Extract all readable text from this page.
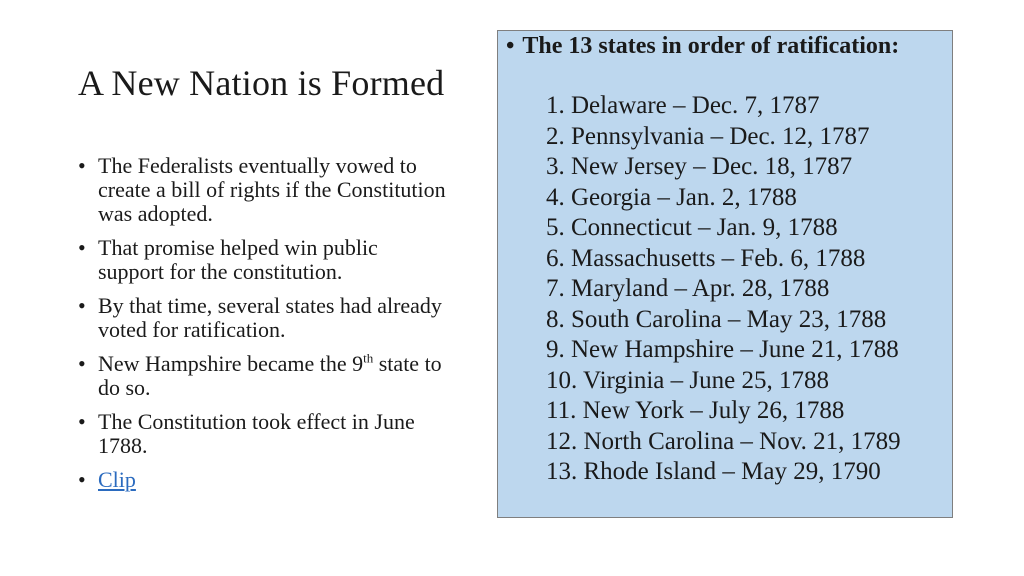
A New Nation is Formed
• The Federalists eventually vowed to create a bill of rights if the Constitution was adopted.
• That promise helped win public support for the constitution.
• By that time, several states had already voted for ratification.
• New Hampshire became the 9th state to do so.
• The Constitution took effect in June 1788.
• Clip
• The 13 states in order of ratification:
1. Delaware – Dec. 7, 1787
2. Pennsylvania – Dec. 12, 1787
3. New Jersey – Dec. 18, 1787
4. Georgia – Jan. 2, 1788
5. Connecticut – Jan. 9, 1788
6. Massachusetts – Feb. 6, 1788
7. Maryland – Apr. 28, 1788
8. South Carolina – May 23, 1788
9. New Hampshire – June 21, 1788
10. Virginia – June 25, 1788
11. New York – July 26, 1788
12. North Carolina – Nov. 21, 1789
13. Rhode Island – May 29, 1790
